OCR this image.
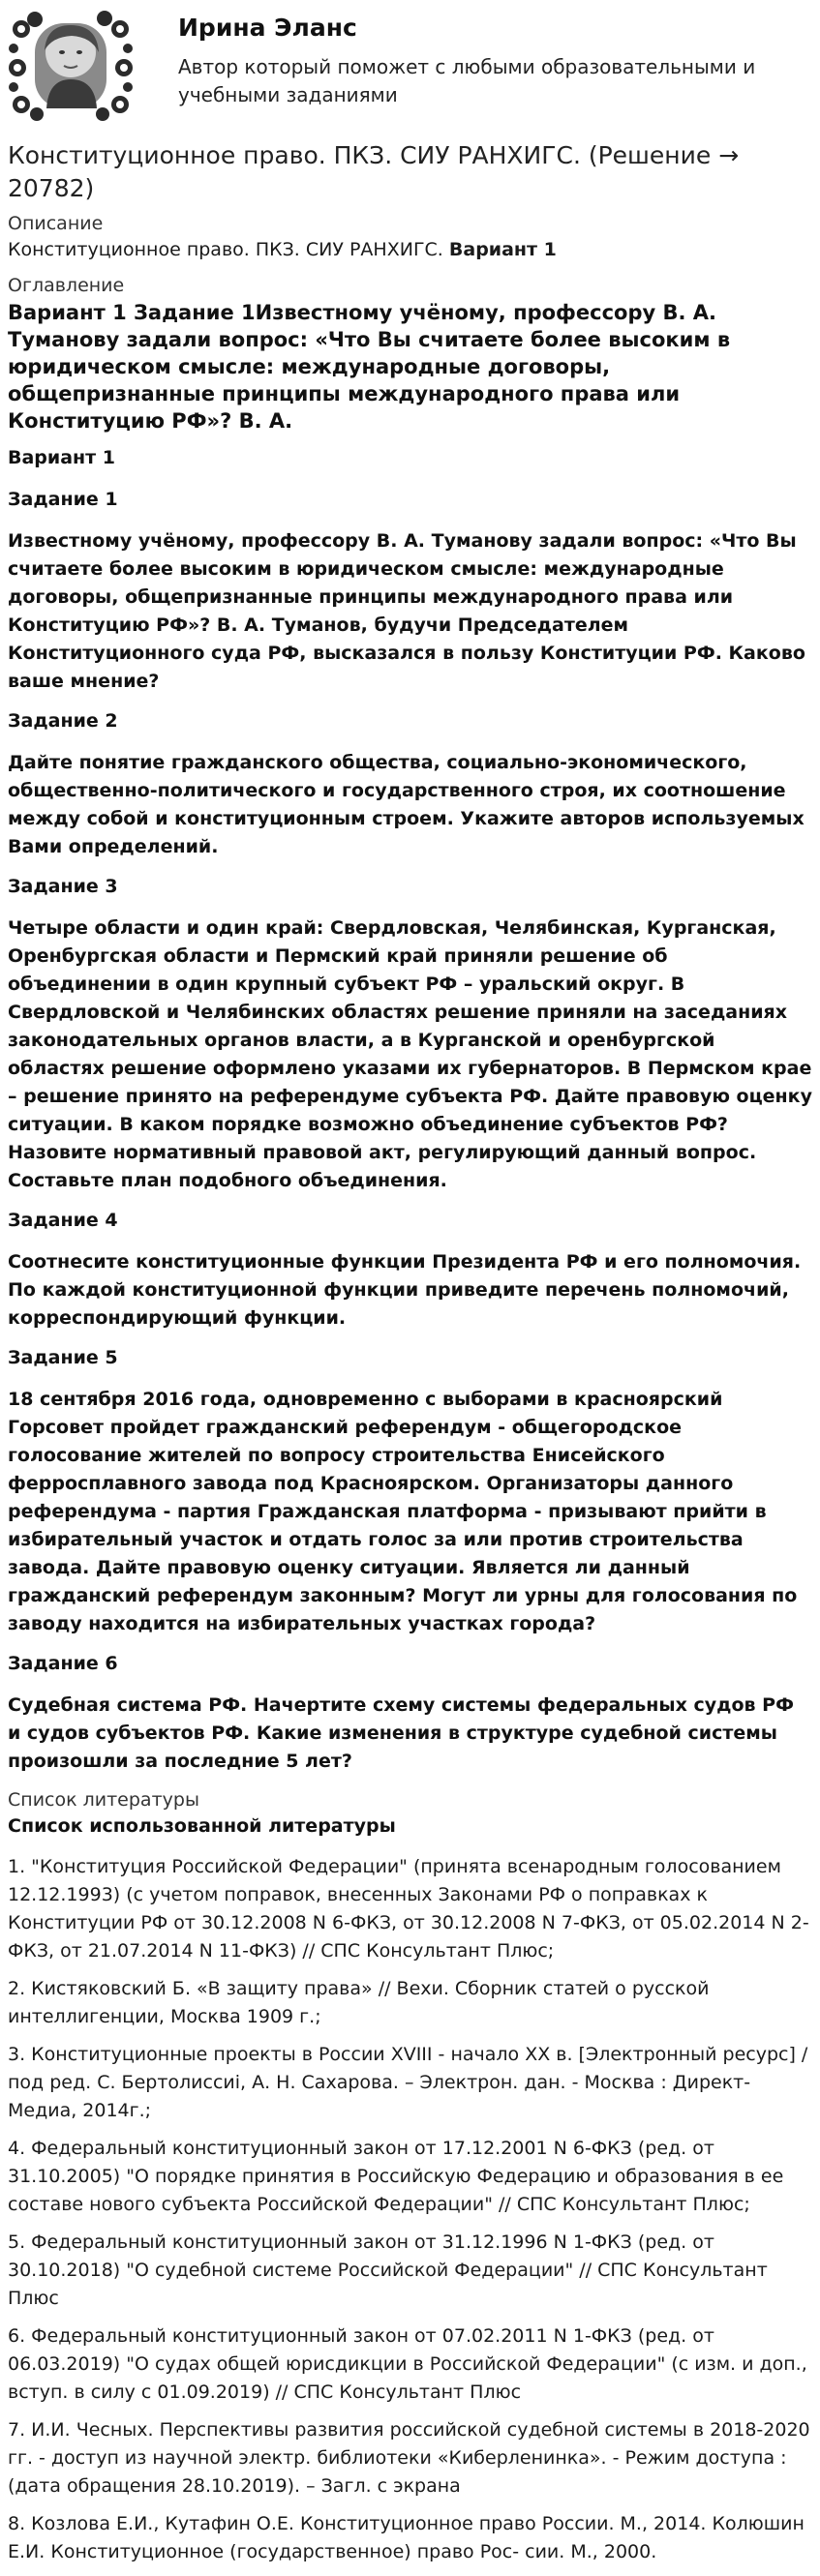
Ирина Эланс
Автор который поможет с любыми образовательными и учебными заданиями
Конституционное право. ПКЗ. СИУ РАНХИГС. (Решение → 20782)
Описание
Конституционное право. ПКЗ. СИУ РАНХИГС. Вариант 1
Оглавление
Вариант 1 Задание 1Известному учёному, профессору В. А. Туманову задали вопрос: «Что Вы считаете более высоким в юридическом смысле: международные договоры, общепризнанные принципы международного права или Конституцию РФ»? В. А.
Вариант 1
Задание 1
Известному учёному, профессору В. А. Туманову задали вопрос: «Что Вы считаете более высоким в юридическом смысле: международные договоры, общепризнанные принципы международного права или Конституцию РФ»? В. А. Туманов, будучи Председателем Конституционного суда РФ, высказался в пользу Конституции РФ. Каково ваше мнение?
Задание 2
Дайте понятие гражданского общества, социально-экономического, общественно-политического и государственного строя, их соотношение между собой и конституционным строем. Укажите авторов используемых Вами определений.
Задание 3
Четыре области и один край: Свердловская, Челябинская, Курганская, Оренбургская области и Пермский край приняли решение об объединении в один крупный субъект РФ – уральский округ. В Свердловской и Челябинских областях решение приняли на заседаниях законодательных органов власти, а в Курганской и оренбургской областях решение оформлено указами их губернаторов. В Пермском крае – решение принято на референдуме субъекта РФ. Дайте правовую оценку ситуации. В каком порядке возможно объединение субъектов РФ? Назовите нормативный правовой акт, регулирующий данный вопрос. Составьте план подобного объединения.
Задание 4
Соотнесите конституционные функции Президента РФ и его полномочия. По каждой конституционной функции приведите перечень полномочий, корреспондирующий функции.
Задание 5
18 сентября 2016 года, одновременно с выборами в красноярский Горсовет пройдет гражданский референдум - общегородское голосование жителей по вопросу строительства Енисейского ферросплавного завода под Красноярском. Организаторы данного референдума - партия Гражданская платформа - призывают прийти в избирательный участок и отдать голос за или против строительства завода. Дайте правовую оценку ситуации. Является ли данный гражданский референдум законным? Могут ли урны для голосования по заводу находится на избирательных участках города?
Задание 6
Судебная система РФ. Начертите схему системы федеральных судов РФ и судов субъектов РФ. Какие изменения в структуре судебной системы произошли за последние 5 лет?
Список литературы
Список использованной литературы
1. "Конституция Российской Федерации" (принята всенародным голосованием 12.12.1993) (с учетом поправок, внесенных Законами РФ о поправках к Конституции РФ от 30.12.2008 N 6-ФКЗ, от 30.12.2008 N 7-ФКЗ, от 05.02.2014 N 2-ФКЗ, от 21.07.2014 N 11-ФКЗ) // СПС Консультант Плюс;
2. Кистяковский Б. «В защиту права» // Вехи. Сборник статей о русской интеллигенции, Москва 1909 г.;
3. Конституционные проекты в России XVIII - начало XX в. [Электронный ресурс] / под ред. С. Бертолиссиi, А. Н. Сахарова. – Электрон. дан. - Москва : Директ-Медиа, 2014г.;
4. Федеральный конституционный закон от 17.12.2001 N 6-ФКЗ (ред. от 31.10.2005) "О порядке принятия в Российскую Федерацию и образования в ее составе нового субъекта Российской Федерации" // СПС Консультант Плюс;
5. Федеральный конституционный закон от 31.12.1996 N 1-ФКЗ (ред. от 30.10.2018) "О судебной системе Российской Федерации" // СПС Консультант Плюс
6. Федеральный конституционный закон от 07.02.2011 N 1-ФКЗ (ред. от 06.03.2019) "О судах общей юрисдикции в Российской Федерации" (с изм. и доп., вступ. в силу с 01.09.2019) // СПС Консультант Плюс
7. И.И. Чесных. Перспективы развития российской судебной системы в 2018-2020 гг. - доступ из научной электр. библиотеки «Киберленинка». - Режим доступа : (дата обращения 28.10.2019). – Загл. с экрана
8. Козлова Е.И., Кутафин О.Е. Конституционное право России. М., 2014. Колюшин Е.И. Конституционное (государственное) право Рос- сии. М., 2000.
